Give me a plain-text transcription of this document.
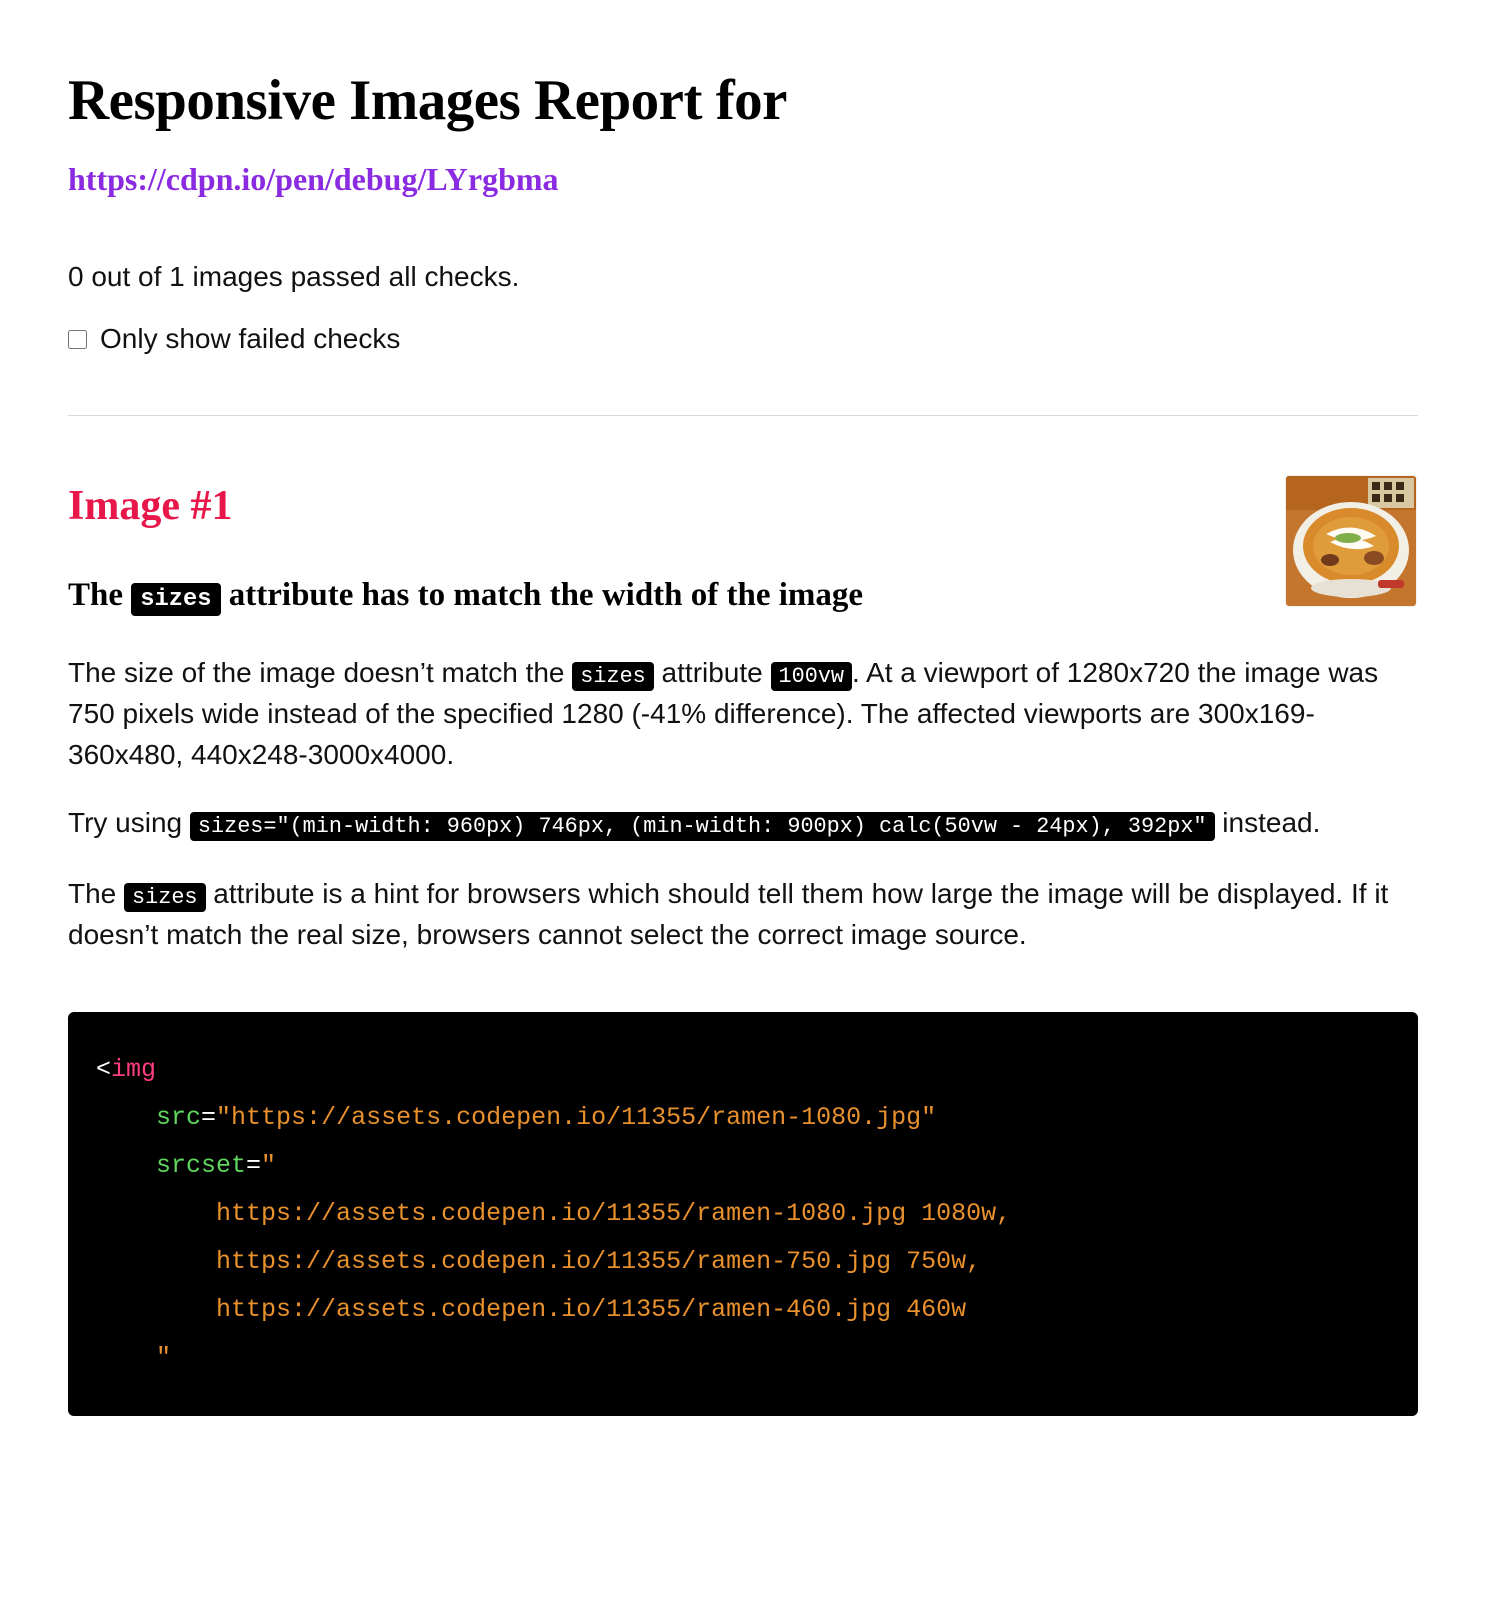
Responsive Images Report for
https://cdpn.io/pen/debug/LYrgbma

0 out of 1 images passed all checks.

Only show failed checks
Image #1
The sizes attribute has to match the width of the image

The size of the image doesn’t match the sizes attribute 100vw . At a viewport of 1280x720 the image was 750 pixels wide instead of the specified 1280 (-41% difference). The affected viewports are 300x169-360x480, 440x248-3000x4000.

Try using sizes="(min-width: 960px) 746px, (min-width: 900px) calc(50vw - 24px), 392px" instead.

The sizes attribute is a hint for browsers which should tell them how large the image will be displayed. If it doesn’t match the real size, browsers cannot select the correct image source.

<img
src="https://assets.codepen.io/11355/ramen-1080.jpg"
srcset="
https://assets.codepen.io/11355/ramen-1080.jpg 1080w,
https://assets.codepen.io/11355/ramen-750.jpg 750w,
https://assets.codepen.io/11355/ramen-460.jpg 460w
"
